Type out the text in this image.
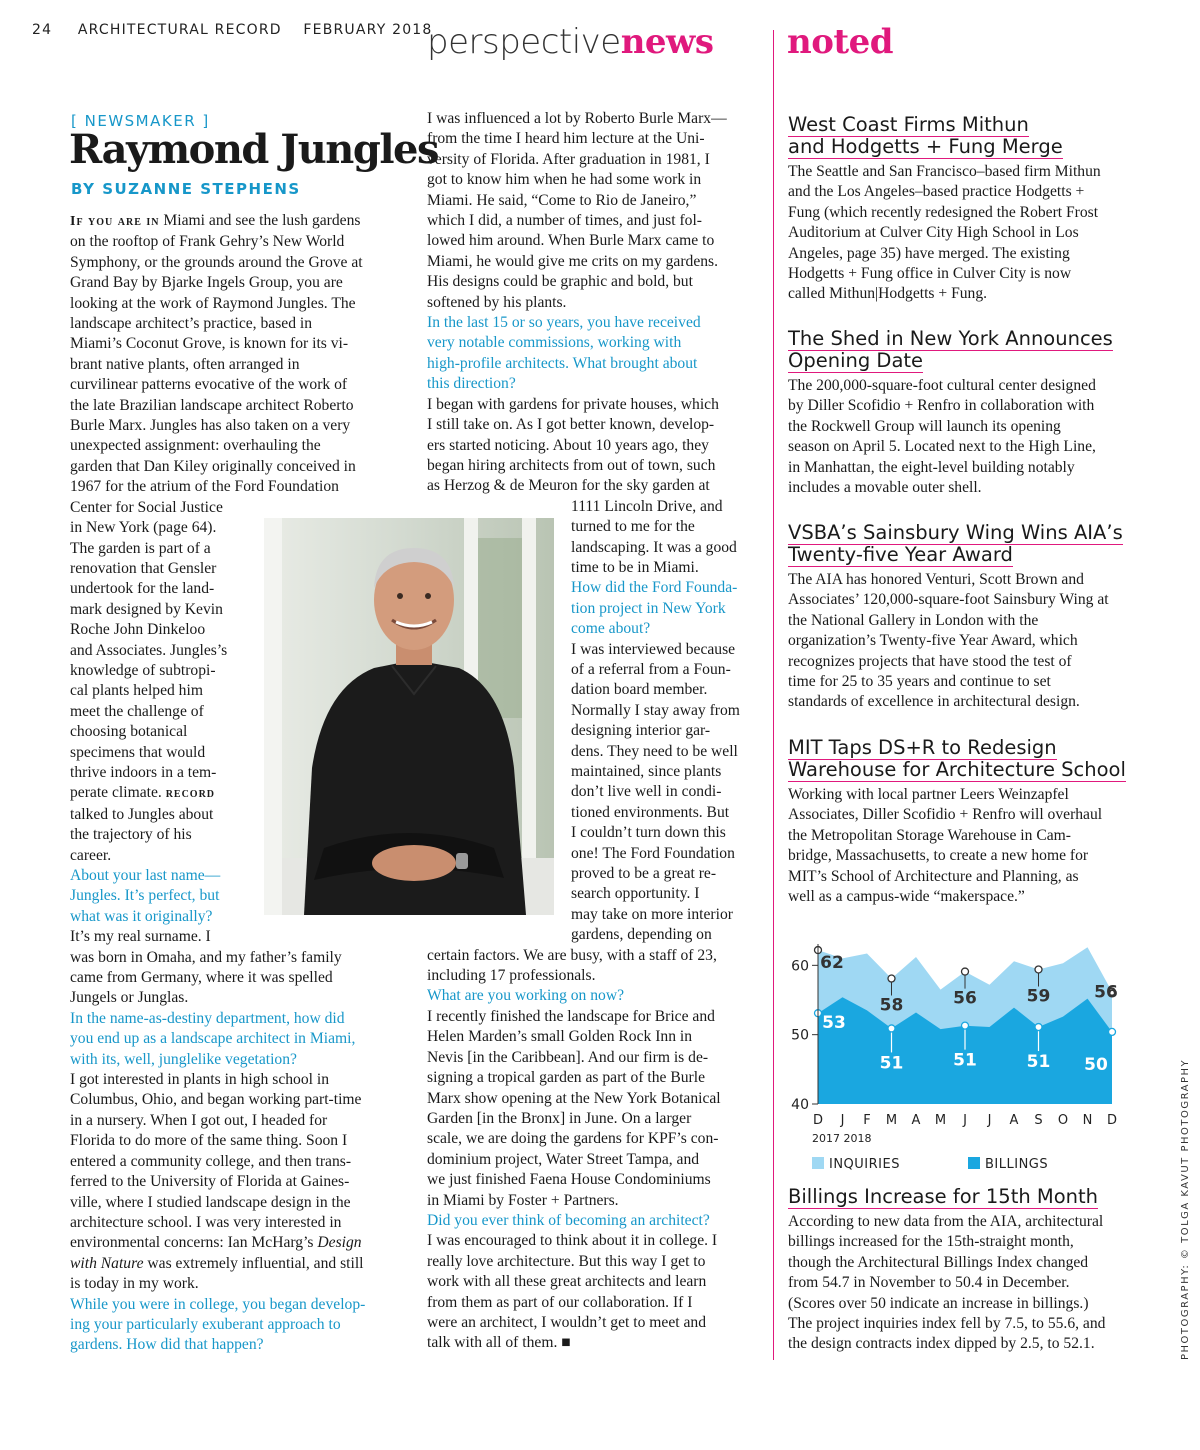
24 ARCHITECTURAL RECORD FEBRUARY 2018
perspectivenews noted
[ NEWSMAKER ]
Raymond Jungles
BY SUZANNE STEPHENS

If you are in Miami and see the lush gardens

on the rooftop of Frank Gehry’s New World

Symphony, or the grounds around the Grove at

Grand Bay by Bjarke Ingels Group, you are

looking at the work of Raymond Jungles. The

landscape architect’s practice, based in

Miami’s Coconut Grove, is known for its vi-

brant native plants, often arranged in

curvilinear patterns evocative of the work of

the late Brazilian landscape architect Roberto

Burle Marx. Jungles has also taken on a very

unexpected assignment: overhauling the

garden that Dan Kiley originally conceived in

1967 for the atrium of the Ford Foundation

Center for Social Justice

in New York (page 64).

The garden is part of a

renovation that Gensler

undertook for the land-

mark designed by Kevin

Roche John Dinkeloo

and Associates. Jungles’s

knowledge of subtropi-

cal plants helped him

meet the challenge of

choosing botanical

specimens that would

thrive indoors in a tem-

perate climate. record

talked to Jungles about

the trajectory of his

career.

About your last name—

Jungles. It’s perfect, but

what was it originally?

It’s my real surname. I

was born in Omaha, and my father’s family

came from Germany, where it was spelled

Jungels or Junglas.

In the name-as-destiny department, how did

you end up as a landscape architect in Miami,

with its, well, junglelike vegetation?

I got interested in plants in high school in

Columbus, Ohio, and began working part-time

in a nursery. When I got out, I headed for

Florida to do more of the same thing. Soon I

entered a community college, and then trans-

ferred to the University of Florida at Gaines-

ville, where I studied landscape design in the

architecture school. I was very interested in

environmental concerns: Ian McHarg’s Design

with Nature was extremely influential, and still

is today in my work.

While you were in college, you began develop-

ing your particularly exuberant approach to

gardens. How did that happen?

I was influenced a lot by Roberto Burle Marx—

from the time I heard him lecture at the Uni-

versity of Florida. After graduation in 1981, I

got to know him when he had some work in

Miami. He said, “Come to Rio de Janeiro,”

which I did, a number of times, and just fol-

lowed him around. When Burle Marx came to

Miami, he would give me crits on my gardens.

His designs could be graphic and bold, but

softened by his plants.

In the last 15 or so years, you have received

very notable commissions, working with

high-profile architects. What brought about

this direction?

I began with gardens for private houses, which

I still take on. As I got better known, develop-

ers started noticing. About 10 years ago, they

began hiring architects from out of town, such

as Herzog & de Meuron for the sky garden at

1111 Lincoln Drive, and

turned to me for the

landscaping. It was a good

time to be in Miami.

How did the Ford Founda-

tion project in New York

come about?

I was interviewed because

of a referral from a Foun-

dation board member.

Normally I stay away from

designing interior gar-

dens. They need to be well

maintained, since plants

don’t live well in condi-

tioned environments. But

I couldn’t turn down this

one! The Ford Foundation

proved to be a great re-

search opportunity. I

may take on more interior

gardens, depending on

certain factors. We are busy, with a staff of 23,

including 17 professionals.

What are you working on now?

I recently finished the landscape for Brice and

Helen Marden’s small Golden Rock Inn in

Nevis [in the Caribbean]. And our firm is de-

signing a tropical garden as part of the Burle

Marx show opening at the New York Botanical

Garden [in the Bronx] in June. On a larger

scale, we are doing the gardens for KPF’s con-

dominium project, Water Street Tampa, and

we just finished Faena House Condominiums

in Miami by Foster + Partners.

Did you ever think of becoming an architect?

I was encouraged to think about it in college. I

really love architecture. But this way I get to

work with all these great architects and learn

from them as part of our collaboration. If I

were an architect, I wouldn’t get to meet and

talk with all of them. ■

West Coast Firms Mithun
and Hodgetts + Fung Merge

The Seattle and San Francisco–based firm Mithun

and the Los Angeles–based practice Hodgetts +

Fung (which recently redesigned the Robert Frost

Auditorium at Culver City High School in Los

Angeles, page 35) have merged. The existing

Hodgetts + Fung office in Culver City is now

called Mithun|Hodgetts + Fung.

The Shed in New York Announces
Opening Date

The 200,000-square-foot cultural center designed

by Diller Scofidio + Renfro in collaboration with

the Rockwell Group will launch its opening

season on April 5. Located next to the High Line,

in Manhattan, the eight-level building notably

includes a movable outer shell.

VSBA’s Sainsbury Wing Wins AIA’s
Twenty-five Year Award

The AIA has honored Venturi, Scott Brown and

Associates’ 120,000-square-foot Sainsbury Wing at

the National Gallery in London with the

organization’s Twenty-five Year Award, which

recognizes projects that have stood the test of

time for 25 to 35 years and continue to set

standards of excellence in architectural design.

MIT Taps DS+R to Redesign
Warehouse for Architecture School

Working with local partner Leers Weinzapfel

Associates, Diller Scofidio + Renfro will overhaul

the Metropolitan Storage Warehouse in Cam-

bridge, Massachusetts, to create a new home for

MIT’s School of Architecture and Planning, as

well as a campus-wide “makerspace.”

62
58	56	59	56
53
51	51	51 50
40
50
60
D J F M A M J J A S O N D
2017 2018
INQUIRIES	BILLINGS
Billings Increase for 15th Month

According to new data from the AIA, architectural

billings increased for the 15th-straight month,

though the Architectural Billings Index changed

from 54.7 in November to 50.4 in December.

(Scores over 50 indicate an increase in billings.)

The project inquiries index fell by 7.5, to 55.6, and

the design contracts index dipped by 2.5, to 52.1.	PHOTOGRAPHY: © TOLGA KAVUT PHOTOGRAPHY
